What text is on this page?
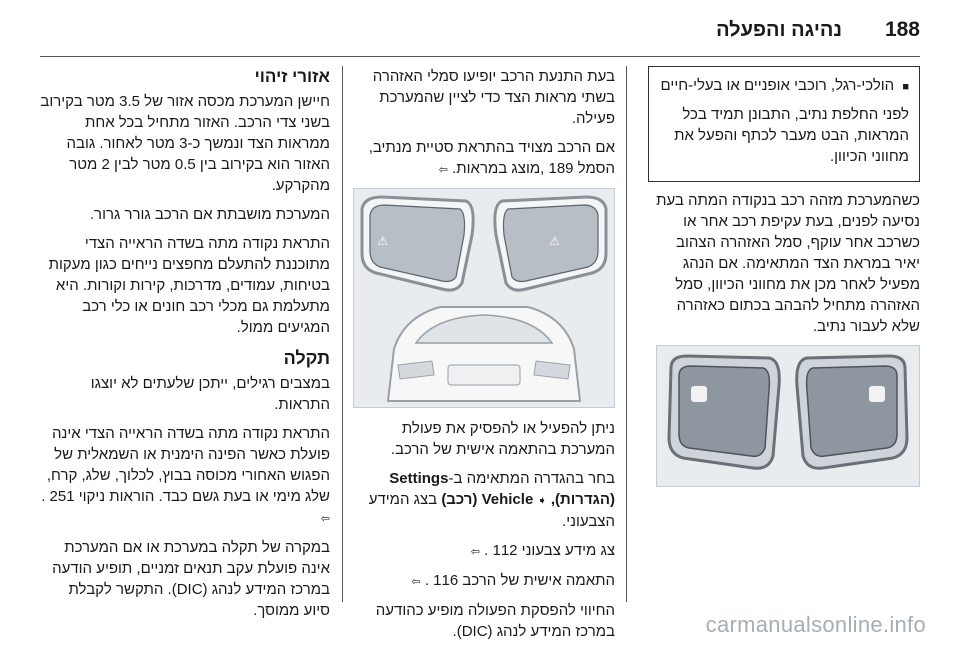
188
נהיגה והפעלה

■ הולכי-רגל, רוכבי אופניים או בעלי-חיים

לפני החלפת נתיב, התבונן תמיד בכל המראות, הבט מעבר לכתף והפעל את מחווני הכיוון.

כשהמערכת מזהה רכב בנקודה המתה בעת נסיעה לפנים, בעת עקיפת רכב אחר או כשרכב אחר עוקף, סמל האזהרה הצהוב יאיר במראת הצד המתאימה. אם הנהג מפעיל לאחר מכן את מחווני הכיוון, סמל האזהרה מתחיל להבהב בכתום כאזהרה שלא לעבור נתיב.

בעת התנעת הרכב יופיעו סמלי האזהרה בשתי מראות הצד כדי לציין שהמערכת פעילה.

אם הרכב מצויד בהתראת סטיית מנתיב, הסמל 189 ,מוצג במראות. ⇦

⚠	⚠

ניתן להפעיל או להפסיק את פעולת המערכת בהתאמה אישית של הרכב.

בחר בהגדרה המתאימה ב-Settings (הגדרות), ➧ Vehicle (רכב) בצג המידע הצבעוני.

צג מידע צבעוני 112 . ⇦

התאמה אישית של הרכב 116 . ⇦

החיווי להפסקת הפעולה מופיע כהודעה במרכז המידע לנהג (DIC).

אזורי זיהוי

חיישן המערכת מכסה אזור של 3.5 מטר בקירוב בשני צדי הרכב. האזור מתחיל בכל אחת ממראות הצד ונמשך כ-3 מטר לאחור. גובה האזור הוא בקירוב בין 0.5 מטר לבין 2 מטר מהקרקע.

המערכת מושבתת אם הרכב גורר גרור.

התראת נקודה מתה בשדה הראייה הצדי מתוכננת להתעלם מחפצים נייחים כגון מעקות בטיחות, עמודים, מדרכות, קירות וקורות. היא מתעלמת גם מכלי רכב חונים או כלי רכב המגיעים ממול.

תקלה

במצבים רגילים, ייתכן שלעתים לא יוצגו התראות.

התראת נקודה מתה בשדה הראייה הצדי אינה פועלת כאשר הפינה הימנית או השמאלית של הפגוש האחורי מכוסה בבוץ, לכלוך, שלג, קרח, שלג מימי או בעת גשם כבד. הוראות ניקוי 251 . ⇦

במקרה של תקלה במערכת או אם המערכת אינה פועלת עקב תנאים זמניים, תופיע הודעה במרכז המידע לנהג (DIC). התקשר לקבלת סיוע ממוסך.

carmanualsonline.info
